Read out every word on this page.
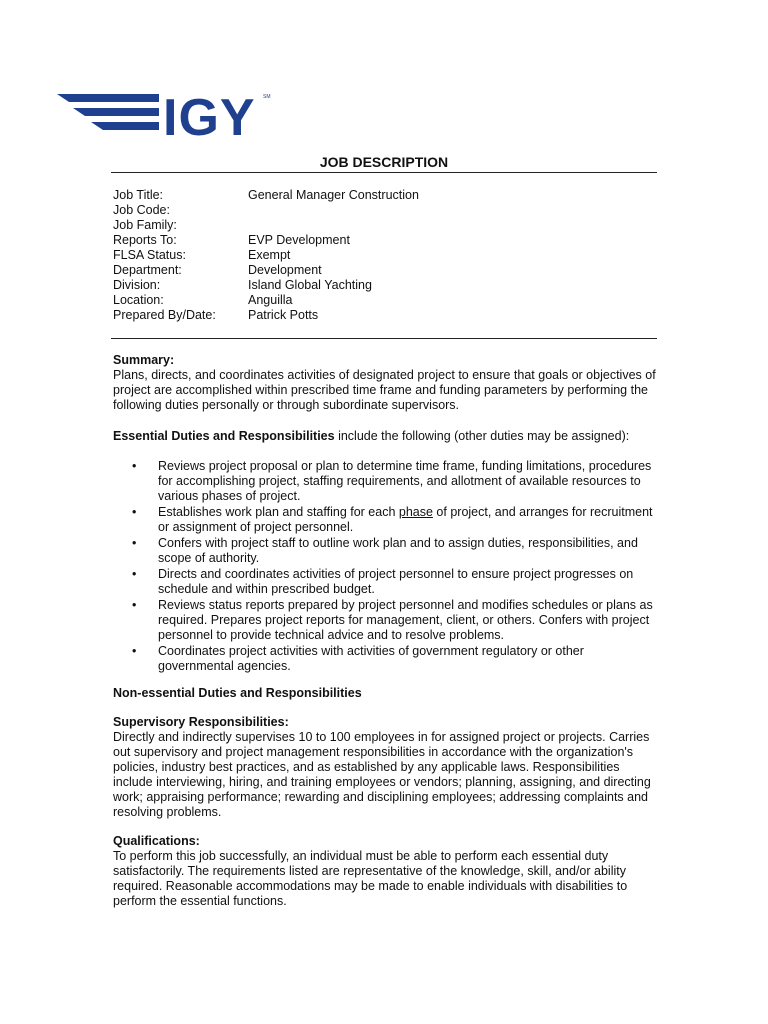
IGY SM
JOB DESCRIPTION
Job Title:	General Manager Construction
Job Code:
Job Family:
Reports To:	EVP Development
FLSA Status:	Exempt
Department:	Development
Division:	Island Global Yachting
Location:	Anguilla
Prepared By/Date:	Patrick Potts

Summary:

Plans, directs, and coordinates activities of designated project to ensure that goals or objectives of project are accomplished within prescribed time frame and funding parameters by performing the following duties personally or through subordinate supervisors.

Essential Duties and Responsibilities include the following (other duties may be assigned):

• Reviews project proposal or plan to determine time frame, funding limitations, procedures for accomplishing project, staffing requirements, and allotment of available resources to various phases of project.
• Establishes work plan and staffing for each phase of project, and arranges for recruitment or assignment of project personnel.
• Confers with project staff to outline work plan and to assign duties, responsibilities, and scope of authority.
• Directs and coordinates activities of project personnel to ensure project progresses on schedule and within prescribed budget.
• Reviews status reports prepared by project personnel and modifies schedules or plans as required. Prepares project reports for management, client, or others. Confers with project personnel to provide technical advice and to resolve problems.
• Coordinates project activities with activities of government regulatory or other governmental agencies.

Non-essential Duties and Responsibilities

Supervisory Responsibilities:

Directly and indirectly supervises 10 to 100 employees in for assigned project or projects. Carries out supervisory and project management responsibilities in accordance with the organization's policies, industry best practices, and as established by any applicable laws. Responsibilities include interviewing, hiring, and training employees or vendors; planning, assigning, and directing work; appraising performance; rewarding and disciplining employees; addressing complaints and resolving problems.

Qualifications:

To perform this job successfully, an individual must be able to perform each essential duty satisfactorily. The requirements listed are representative of the knowledge, skill, and/or ability required. Reasonable accommodations may be made to enable individuals with disabilities to perform the essential functions.
